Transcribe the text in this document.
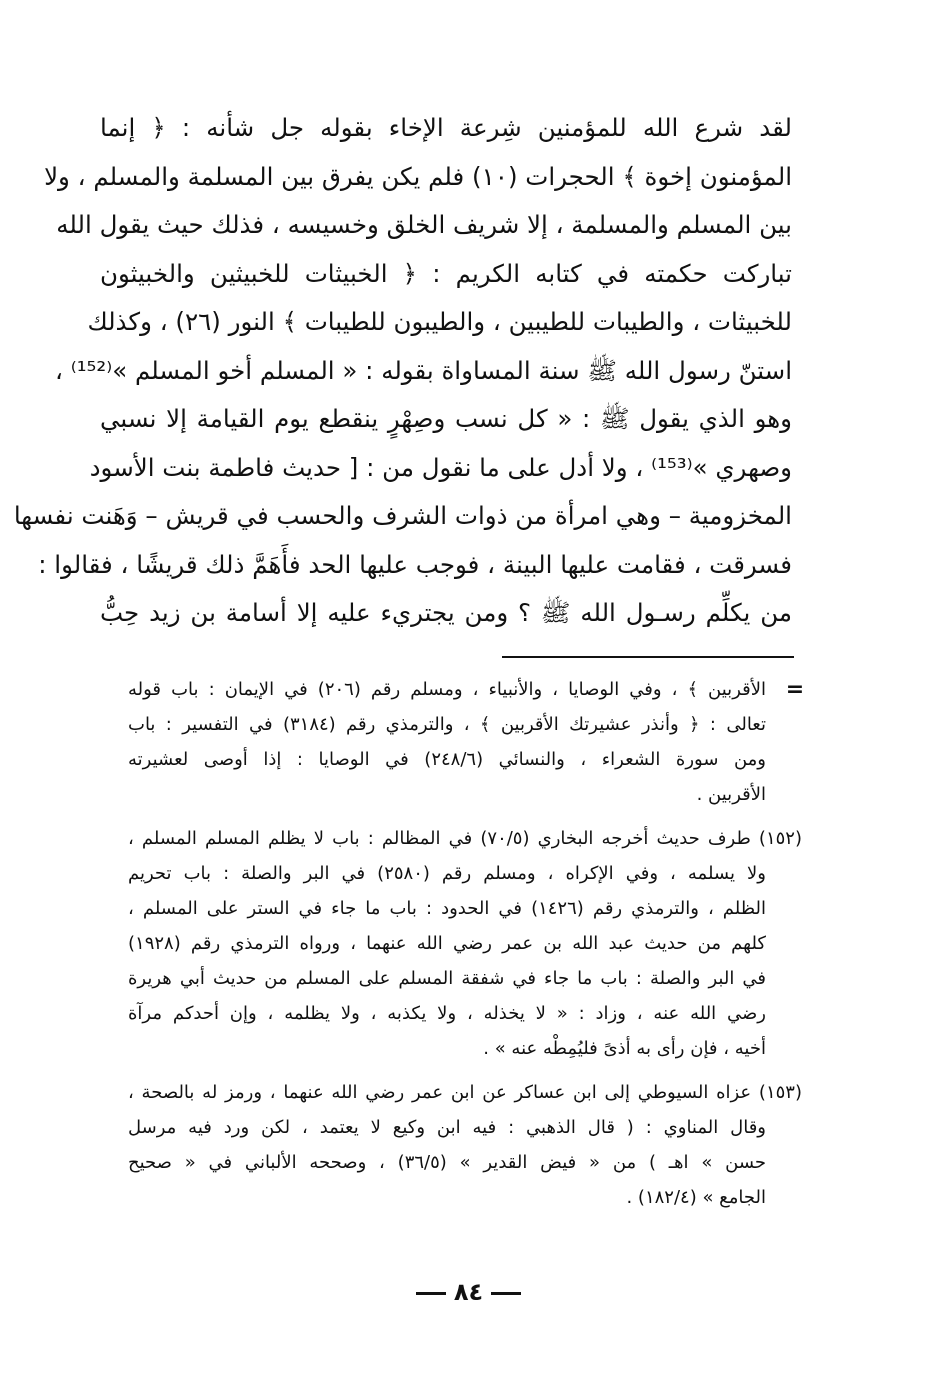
لقد شرع الله للمؤمنين شِرعة الإخاء بقوله جل شأنه : ﴿ إنما
المؤمنون إخوة ﴾ الحجرات (١٠) فلم يكن يفرق بين المسلمة والمسلم ، ولا
بين المسلم والمسلمة ، إلا شريف الخلق وخسيسه ، فذلك حيث يقول الله
تبارکت حکمته في كتابه الكريم : ﴿ الخبيثات للخبيثين والخبيثون
للخبيثات ، والطيبات للطيبين ، والطيبون للطيبات ﴾ النور (٢٦) ، وكذلك
استنّ رسول الله ﷺ سنة المساواة بقوله : « المسلم أخو المسلم »⁽¹⁵²⁾ ،
وهو الذي يقول ﷺ : « كل نسب وصِهْرٍ ينقطع يوم القيامة إلا نسبي
وصهري »⁽¹⁵³⁾ ، ولا أدل على ما نقول من : [ حديث فاطمة بنت الأسود
المخزومية – وهي امرأة من ذوات الشرف والحسب في قريش – وَهَنت نفسها
فسرقت ، فقامت عليها البينة ، فوجب عليها الحد فأَهَمَّ ذلك قريشًا ، فقالوا :
من يكلِّم رسـول الله ﷺ ؟ ومن يجتريء عليه إلا أسامة بن زيد حِبُّ
=
الأقربين ﴾ ، وفي الوصايا ، والأنبياء ، ومسلم رقم (٢٠٦) في الإيمان : باب قوله
تعالى : ﴿ وأنذر عشيرتك الأقربين ﴾ ، والترمذي رقم (٣١٨٤) في التفسير : باب
ومن سورة الشعراء ، والنسائي (٢٤٨/٦) في الوصايا : إذا أوصى لعشيرته
الأقربين .
(١٥٢) طرف حديث أخرجه البخاري (٧٠/٥) في المظالم : باب لا يظلم المسلم المسلم ،
ولا يسلمه ، وفي الإكراه ، ومسلم رقم (٢٥٨٠) في البر والصلة : باب تحريم
الظلم ، والترمذي رقم (١٤٢٦) في الحدود : باب ما جاء في الستر على المسلم ،
كلهم من حديث عبد الله بن عمر رضي الله عنهما ، ورواه الترمذي رقم (١٩٢٨)
في البر والصلة : باب ما جاء في شفقة المسلم على المسلم من حديث أبي هريرة
رضي الله عنه ، وزاد : « لا يخذله ، ولا يكذبه ، ولا يظلمه ، وإن أحدكم مرآة
أخيه ، فإن رأى به أذىً فليُمِطْه عنه » .
(١٥٣) عزاه السيوطي إلى ابن عساكر عن ابن عمر رضي الله عنهما ، ورمز له بالصحة ،
وقال المناوي : ( قال الذهبي : فيه ابن وكيع لا يعتمد ، لكن ورد فيه مرسل
حسن » اهـ ) من « فيض القدير » (٣٦/٥) ، وصححه الألباني في « صحيح
الجامع » (١٨٢/٤) .
٨٤
